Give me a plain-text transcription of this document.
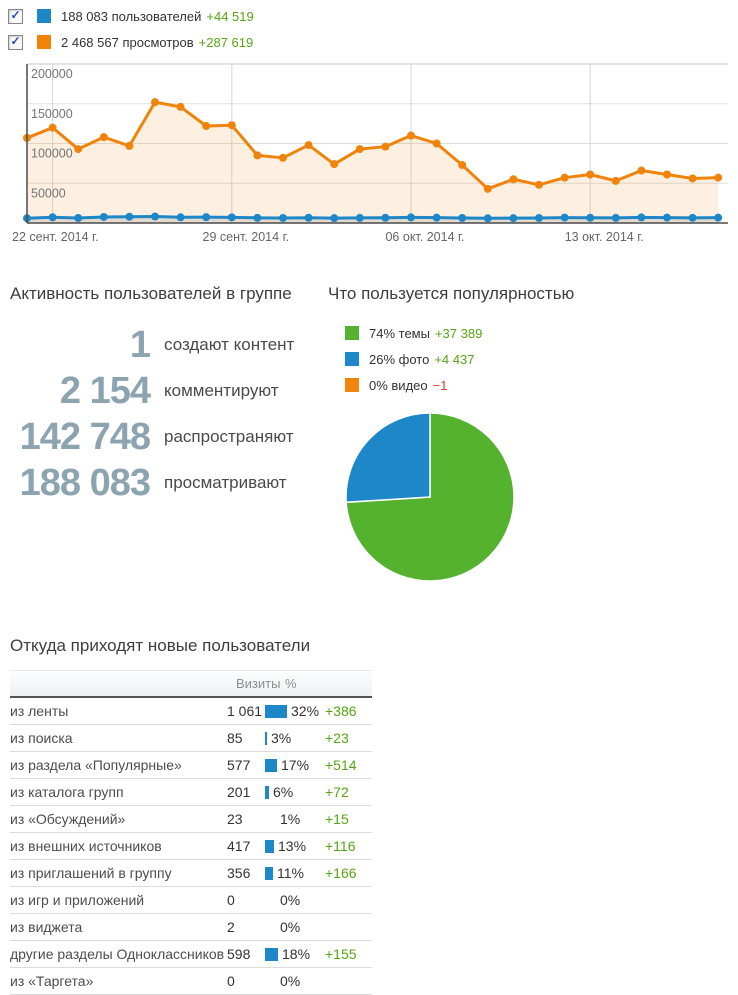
✓
188 083 пользователей +44 519
✓
2 468 567 просмотров +287 619
200000
150000
100000
50000
22 сент. 2014 г.	29 сент. 2014 г.	06 окт. 2014 г.	13 окт. 2014 г.
Активность пользователей в группе
1 создают контент
2 154 комментируют
142 748 распространяют
188 083 просматривают
Что пользуется популярностью
74% темы +37 389
26% фото +4 437
0% видео −1
Откуда приходят новые пользователи
Визиты %
из ленты	1 061 32% +386
из поиска	85	3% +23
из раздела «Популярные»	577	17% +514
из каталога групп	201	6% +72
из «Обсуждений»	23	1% +15
из внешних источников	417	13% +116
из приглашений в группу	356	11% +166
из игр и приложений	0	0%
из виджета	2	0%
другие разделы Одноклассников 598	18% +155
из «Таргета»	0	0%
